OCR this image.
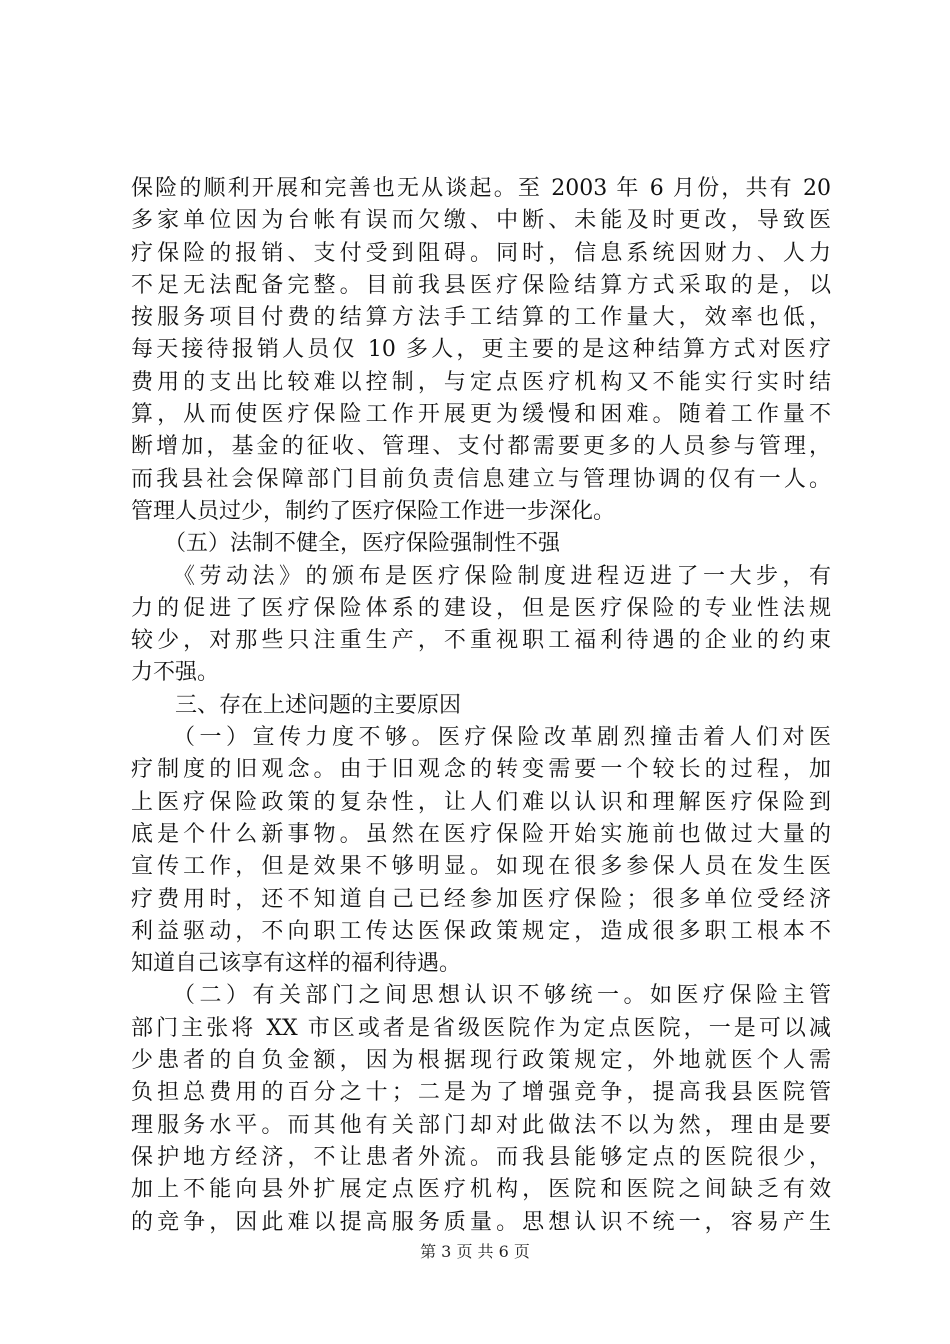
保险的顺利开展和完善也无从谈起。至 2003 年 6 月份，共有 20
多家单位因为台帐有误而欠缴、中断、未能及时更改，导致医
疗保险的报销、支付受到阻碍。同时，信息系统因财力、人力
不足无法配备完整。目前我县医疗保险结算方式采取的是，以
按服务项目付费的结算方法手工结算的工作量大，效率也低，
每天接待报销人员仅 10 多人，更主要的是这种结算方式对医疗
费用的支出比较难以控制，与定点医疗机构又不能实行实时结
算，从而使医疗保险工作开展更为缓慢和困难。随着工作量不
断增加，基金的征收、管理、支付都需要更多的人员参与管理，
而我县社会保障部门目前负责信息建立与管理协调的仅有一人。
管理人员过少，制约了医疗保险工作进一步深化。
　　（五）法制不健全，医疗保险强制性不强
　　《劳动法》的颁布是医疗保险制度进程迈进了一大步，有
力的促进了医疗保险体系的建设，但是医疗保险的专业性法规
较少，对那些只注重生产，不重视职工福利待遇的企业的约束
力不强。
　　三、存在上述问题的主要原因
　　（一）宣传力度不够。医疗保险改革剧烈撞击着人们对医
疗制度的旧观念。由于旧观念的转变需要一个较长的过程，加
上医疗保险政策的复杂性，让人们难以认识和理解医疗保险到
底是个什么新事物。虽然在医疗保险开始实施前也做过大量的
宣传工作，但是效果不够明显。如现在很多参保人员在发生医
疗费用时，还不知道自己已经参加医疗保险；很多单位受经济
利益驱动，不向职工传达医保政策规定，造成很多职工根本不
知道自己该享有这样的福利待遇。
　　（二）有关部门之间思想认识不够统一。如医疗保险主管
部门主张将 XX 市区或者是省级医院作为定点医院，一是可以减
少患者的自负金额，因为根据现行政策规定，外地就医个人需
负担总费用的百分之十；二是为了增强竞争，提高我县医院管
理服务水平。而其他有关部门却对此做法不以为然，理由是要
保护地方经济，不让患者外流。而我县能够定点的医院很少，
加上不能向县外扩展定点医疗机构，医院和医院之间缺乏有效
的竞争，因此难以提高服务质量。思想认识不统一，容易产生
第 3 页 共 6 页
